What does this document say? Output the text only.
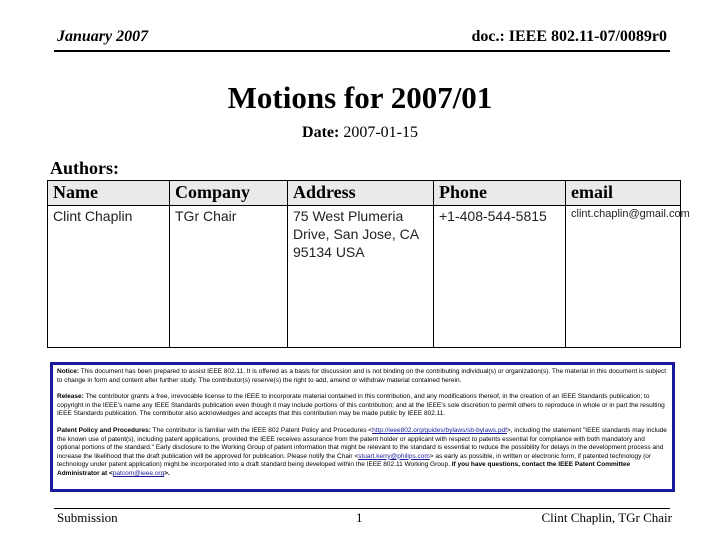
January 2007	doc.: IEEE 802.11-07/0089r0
Motions for 2007/01
Date: 2007-01-15
Authors:
Name	Company	Address	Phone	email
Clint Chaplin	TGr Chair	75 West Plumeria Drive, San Jose, CA 95134 USA	+1-408-544-5815	clint.chaplin@gmail.com

Notice: This document has been prepared to assist IEEE 802.11. It is offered as a basis for discussion and is not binding on the contributing individual(s) or organization(s). The material in this document is subject to change in form and content after further study. The contributor(s) reserve(s) the right to add, amend or withdraw material contained herein.

Release: The contributor grants a free, irrevocable license to the IEEE to incorporate material contained in this contribution, and any modifications thereof, in the creation of an IEEE Standards publication; to copyright in the IEEE's name any IEEE Standards publication even though it may include portions of this contribution; and at the IEEE's sole discretion to permit others to reproduce in whole or in part the resulting IEEE Standards publication. The contributor also acknowledges and accepts that this contribution may be made public by IEEE 802.11.

Patent Policy and Procedures: The contributor is familiar with the IEEE 802 Patent Policy and Procedures <http://ieee802.org/guides/bylaws/sb-bylaws.pdf>, including the statement "IEEE standards may include the known use of patent(s), including patent applications, provided the IEEE receives assurance from the patent holder or applicant with respect to patents essential for compliance with both mandatory and optional portions of the standard." Early disclosure to the Working Group of patent information that might be relevant to the standard is essential to reduce the possibility for delays in the development process and increase the likelihood that the draft publication will be approved for publication. Please notify the Chair <stuart.kerry@philips.com> as early as possible, in written or electronic form, if patented technology (or technology under patent application) might be incorporated into a draft standard being developed within the IEEE 802.11 Working Group. If you have questions, contact the IEEE Patent Committee Administrator at <patcom@ieee.org>.

Submission	1	Clint Chaplin, TGr Chair
